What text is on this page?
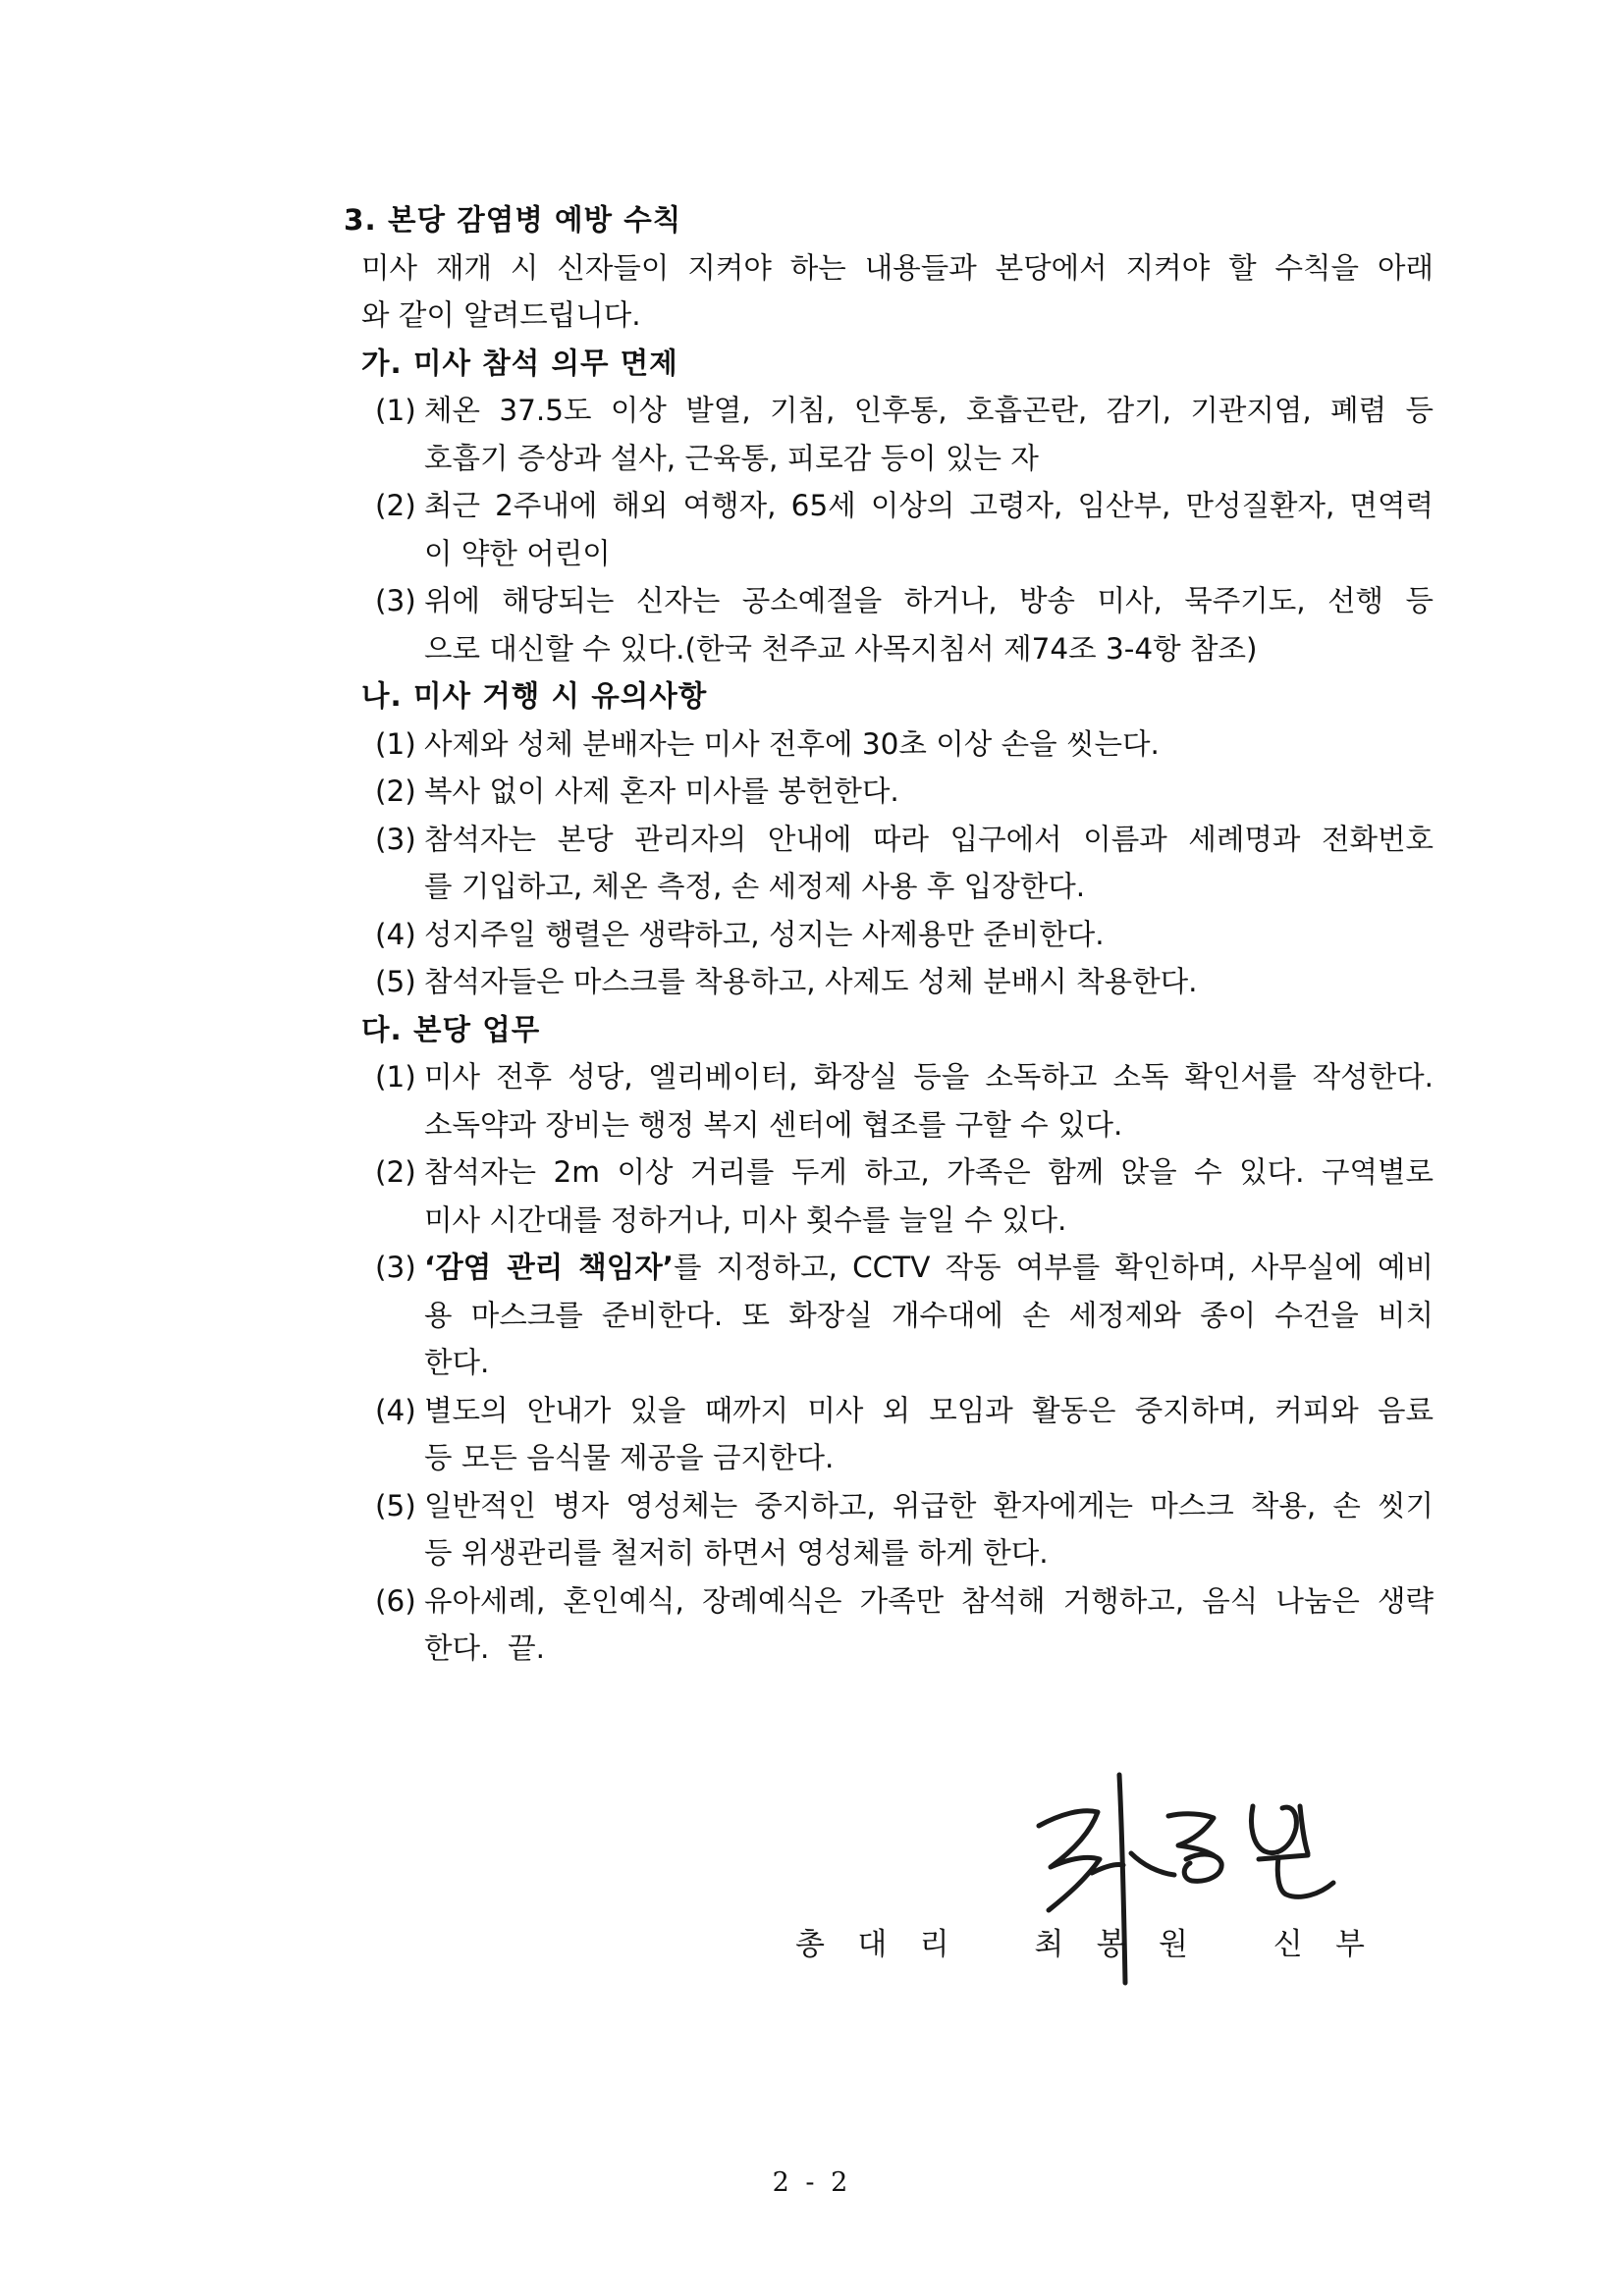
3. 본당 감염병 예방 수칙
미사 재개 시 신자들이 지켜야 하는 내용들과 본당에서 지켜야 할 수칙을 아래
와 같이 알려드립니다.
가. 미사 참석 의무 면제
(1) 체온 37.5도 이상 발열, 기침, 인후통, 호흡곤란, 감기, 기관지염, 폐렴 등
호흡기 증상과 설사, 근육통, 피로감 등이 있는 자
(2) 최근 2주내에 해외 여행자, 65세 이상의 고령자, 임산부, 만성질환자, 면역력
이 약한 어린이
(3) 위에 해당되는 신자는 공소예절을 하거나, 방송 미사, 묵주기도, 선행 등
으로 대신할 수 있다.(한국 천주교 사목지침서 제74조 3-4항 참조)
나. 미사 거행 시 유의사항
(1) 사제와 성체 분배자는 미사 전후에 30초 이상 손을 씻는다.
(2) 복사 없이 사제 혼자 미사를 봉헌한다.
(3) 참석자는 본당 관리자의 안내에 따라 입구에서 이름과 세례명과 전화번호
를 기입하고, 체온 측정, 손 세정제 사용 후 입장한다.
(4) 성지주일 행렬은 생략하고, 성지는 사제용만 준비한다.
(5) 참석자들은 마스크를 착용하고, 사제도 성체 분배시 착용한다.
다. 본당 업무
(1) 미사 전후 성당, 엘리베이터, 화장실 등을 소독하고 소독 확인서를 작성한다.
소독약과 장비는 행정 복지 센터에 협조를 구할 수 있다.
(2) 참석자는 2m 이상 거리를 두게 하고, 가족은 함께 앉을 수 있다. 구역별로
미사 시간대를 정하거나, 미사 횟수를 늘일 수 있다.
(3) ‘감염 관리 책임자’를 지정하고, CCTV 작동 여부를 확인하며, 사무실에 예비
용 마스크를 준비한다. 또 화장실 개수대에 손 세정제와 종이 수건을 비치
한다.
(4) 별도의 안내가 있을 때까지 미사 외 모임과 활동은 중지하며, 커피와 음료
등 모든 음식물 제공을 금지한다.
(5) 일반적인 병자 영성체는 중지하고, 위급한 환자에게는 마스크 착용, 손 씻기
등 위생관리를 철저히 하면서 영성체를 하게 한다.
(6) 유아세례, 혼인예식, 장례예식은 가족만 참석해 거행하고, 음식 나눔은 생략
한다.  끝.
총 대 리	최 봉 원	신 부
2 - 2
